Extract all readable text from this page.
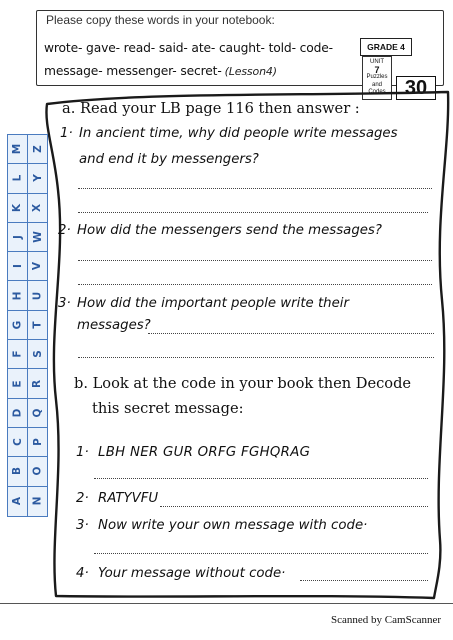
Please copy these words in your notebook:
wrote- gave- read- said- ate- caught- told- code-
message- messenger- secret- (Lesson4)
GRADE 4
UNIT
7
Puzzles
and
Codes 30
M Z
L Y
K X
J W
I V
H U
G T
F S
E R
D Q
C P
B O
A N
a. Read your LB page 116 then answer :
1· In ancient time, why did people write messages
and end it by messengers?
2· How did the messengers send the messages?
3· How did the important people write their
messages?
b. Look at the code in your book then Decode
this secret message:
1· LBH NER GUR ORFG FGHQRAG
2· RATYVFU
3· Now write your own message with code·
4· Your message without code·
Scanned by CamScanner
